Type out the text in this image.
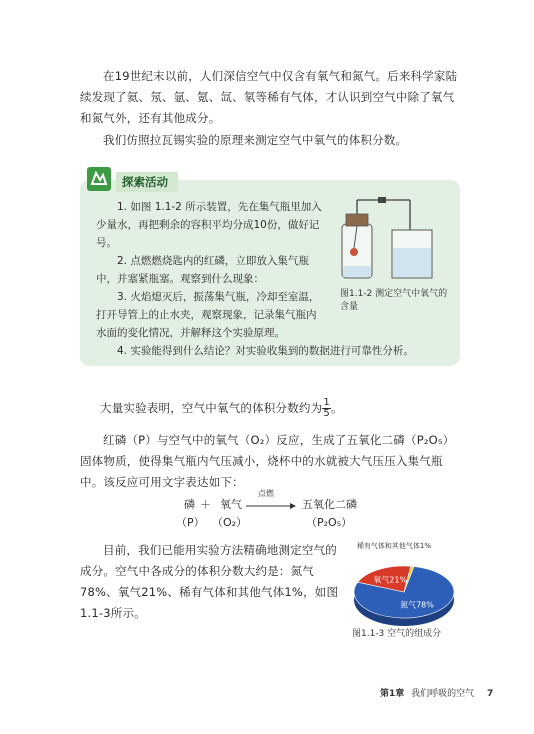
在19世纪末以前，人们深信空气中仅含有氧气和氮气。后来科学家陆续发现了氦、氖、氩、氪、氙、氡等稀有气体，才认识到空气中除了氧气和氮气外，还有其他成分。
我们仿照拉瓦锡实验的原理来测定空气中氧气的体积分数。
探索活动
1. 如图 1.1-2 所示装置，先在集气瓶里加入少量水，再把剩余的容积平均分成10份，做好记号。
2. 点燃燃烧匙内的红磷，立即放入集气瓶中，并塞紧瓶塞。观察到什么现象：
3. 火焰熄灭后，振荡集气瓶，冷却至室温，打开导管上的止水夹，观察现象，记录集气瓶内水面的变化情况，并解释这个实验原理。
4. 实验能得到什么结论？对实验收集到的数据进行可靠性分析。
图1.1-2 测定空气中氧气的含量
大量实验表明，空气中氧气的体积分数约为 $\frac{1}{5}$ 。
红磷（P）与空气中的氧气（O₂）反应，生成了五氧化二磷（P₂O₅）固体物质，使得集气瓶内气压减小，烧杯中的水就被大气压压入集气瓶中。该反应可用文字表达如下：
磷 ＋ 氧气
点燃
五氧化二磷
（P） （O₂）	（P₂O₅）
目前，我们已能用实验方法精确地测定空气的成分。空气中各成分的体积分数大约是：氮气78%、氧气21%、稀有气体和其他气体1%，如图1.1-3所示。
氮气78%
氧气21%
稀有气体和其他气体1%
图1.1-3 空气的组成分
第1章 我们呼吸的空气 7
